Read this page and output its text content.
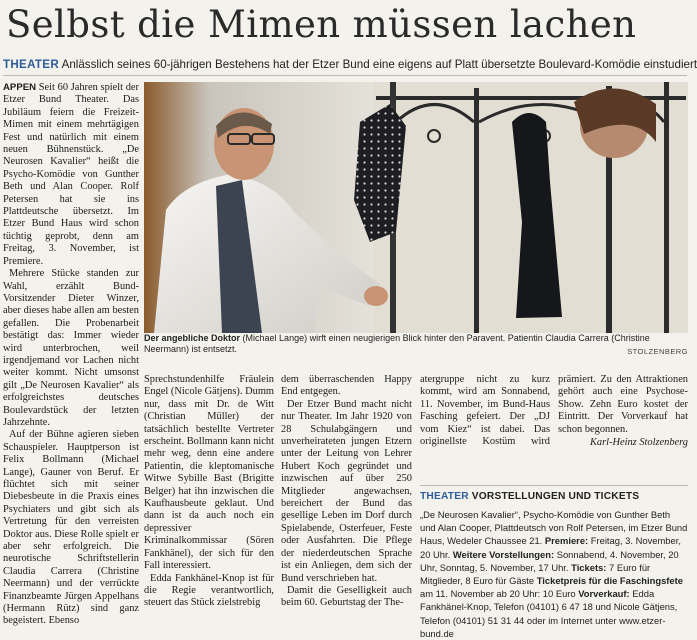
Selbst die Mimen müssen lachen
THEATER Anlässlich seines 60-jährigen Bestehens hat der Etzer Bund eine eigens auf Platt übersetzte Boulevard-Komödie einstudiert

APPEN Seit 60 Jahren spielt der Etzer Bund Theater. Das Jubiläum feiern die Freizeit-Mimen mit einem mehrtägigen Fest und natürlich mit einem neuen Bühnenstück. „De Neurosen Kavalier“ heißt die Psycho-Komödie von Gunther Beth und Alan Cooper. Rolf Petersen hat sie ins Plattdeutsche übersetzt. Im Etzer Bund Haus wird schon tüchtig geprobt, denn am Freitag, 3. November, ist Premiere.

Mehrere Stücke standen zur Wahl, erzählt Bund-Vorsitzender Dieter Winzer, aber dieses habe allen am besten gefallen. Die Probenarbeit bestätigt das: Immer wieder wird unterbrochen, weil irgendjemand vor Lachen nicht weiter kommt. Nicht umsonst gilt „De Neurosen Kavalier“ als erfolgreichstes deutsches Boulevardstück der letzten Jahrzehnte.

Auf der Bühne agieren sieben Schauspieler. Hauptperson ist Felix Bollmann (Michael Lange), Gauner von Beruf. Er flüchtet sich mit seiner Diebesbeute in die Praxis eines Psychiaters und gibt sich als Vertretung für den verreisten Doktor aus. Diese Rolle spielt er aber sehr erfolgreich. Die neurotische Schriftstellerin Claudia Carrera (Christine Neermann) und der verrückte Finanzbeamte Jürgen Appelhans (Hermann Rütz) sind ganz begeistert. Ebenso

Der angebliche Doktor (Michael Lange) wirft einen neugierigen Blick hinter den Paravent. Patientin Claudia Carrera (Christine Neermann) ist entsetzt.	STOLZENBERG

Sprechstundenhilfe Fräulein Engel (Nicole Gätjens). Dumm nur, dass mit Dr. de Witt (Christian Müller) der tatsächlich bestellte Vertreter erscheint. Bollmann kann nicht mehr weg, denn eine andere Patientin, die kleptomanische Witwe Sybille Bast (Brigitte Belger) hat ihn inzwischen die Kaufhausbeute geklaut. Und dann ist da auch noch ein depressiver Kriminalkommissar (Sören Fankhänel), der sich für den Fall interessiert.

Edda Fankhänel-Knop ist für die Regie verantwortlich, steuert das Stück zielstrebig

dem überraschenden Happy End entgegen.

Der Etzer Bund macht nicht nur Theater. Im Jahr 1920 von 28 Schulabgängern und unverheirateten jungen Etzern unter der Leitung von Lehrer Hubert Koch gegründet und inzwischen auf über 250 Mitglieder angewachsen, bereichert der Bund das gesellige Leben im Dorf durch Spielabende, Osterfeuer, Feste oder Ausfahrten. Die Pflege der niederdeutschen Sprache ist ein Anliegen, dem sich der Bund verschrieben hat.

Damit die Geselligkeit auch beim 60. Geburtstag der The-

atergruppe nicht zu kurz kommt, wird am Sonnabend, 11. November, im Bund-Haus Fasching gefeiert. Der „DJ vom Kiez“ ist dabei. Das originellste Kostüm wird prämiert. Zu den Attraktionen gehört auch eine Psychose-Show. Zehn Euro kostet der Eintritt. Der Vorverkauf hat schon begonnen.

Karl-Heinz Stolzenberg

THEATER VORSTELLUNGEN UND TICKETS
„De Neurosen Kavalier“, Psycho-Komödie von Gunther Beth und Alan Cooper, Plattdeutsch von Rolf Petersen, im Etzer Bund Haus, Wedeler Chaussee 21. Premiere: Freitag, 3. November, 20 Uhr. Weitere Vorstellungen: Sonnabend, 4. November, 20 Uhr, Sonntag, 5. November, 17 Uhr. Tickets: 7 Euro für Mitglieder, 8 Euro für Gäste Ticketpreis für die Faschingsfete am 11. November ab 20 Uhr: 10 Euro Vorverkauf: Edda Fankhänel-Knop, Telefon (04101) 6 47 18 und Nicole Gätjens, Telefon (04101) 51 31 44 oder im Internet unter www.etzer-bund.de
